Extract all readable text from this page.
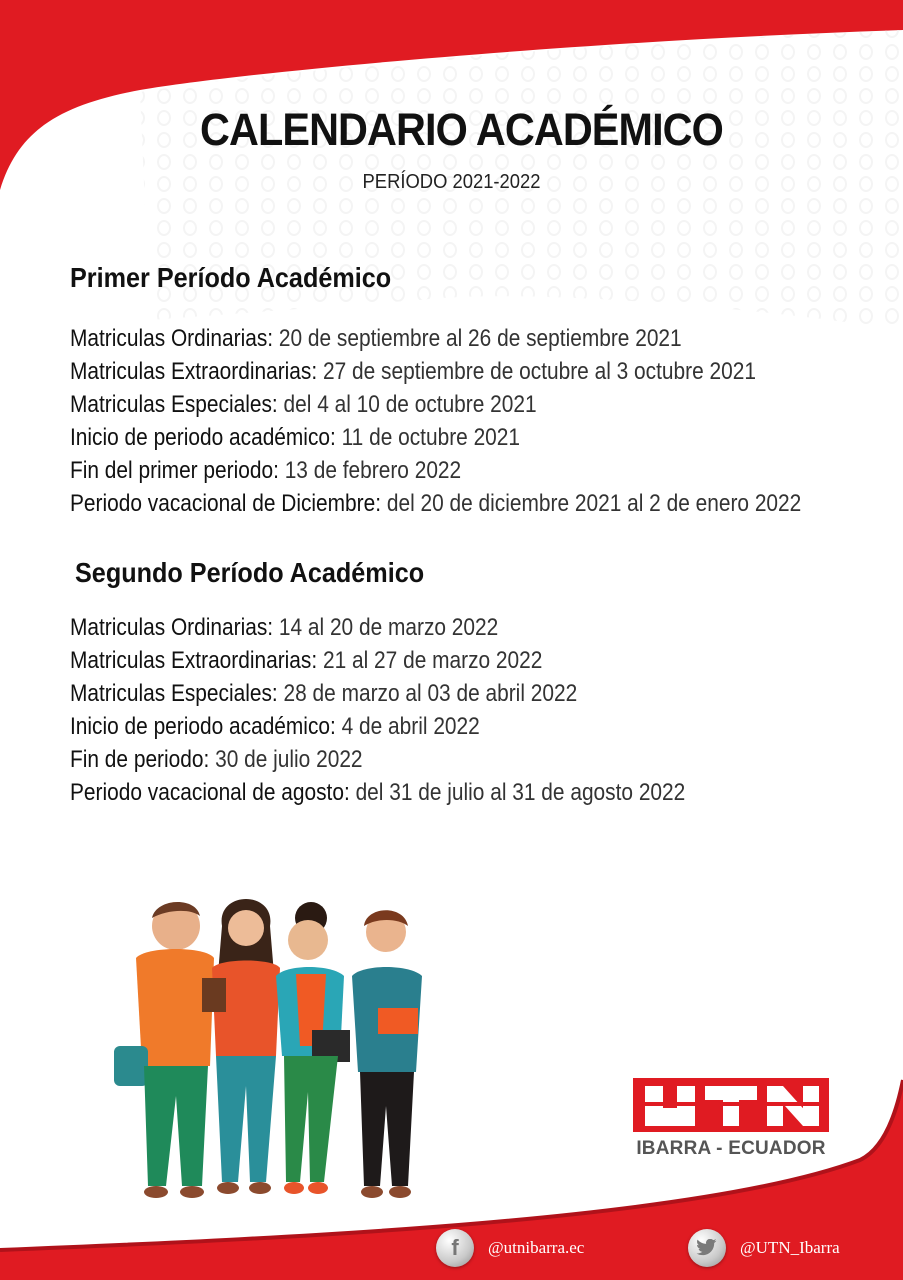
CALENDARIO ACADÉMICO
PERÍODO 2021-2022
Primer Período Académico
Matriculas Ordinarias: 20 de septiembre al 26 de septiembre 2021
Matriculas Extraordinarias: 27 de septiembre de octubre al 3 octubre 2021
Matriculas Especiales: del 4 al 10 de octubre 2021
Inicio de periodo académico: 11 de octubre 2021
Fin del primer periodo: 13 de febrero 2022
Periodo vacacional de Diciembre: del 20 de diciembre 2021 al 2 de enero 2022
Segundo Período Académico
Matriculas Ordinarias: 14 al 20 de marzo 2022
Matriculas Extraordinarias: 21 al 27 de marzo 2022
Matriculas Especiales: 28 de marzo al 03 de abril 2022
Inicio de periodo académico: 4 de abril 2022
Fin de periodo: 30 de julio 2022
Periodo vacacional de agosto: del 31 de julio al 31 de agosto 2022
IBARRA - ECUADOR
f	@utnibarra.ec	@UTN_Ibarra
